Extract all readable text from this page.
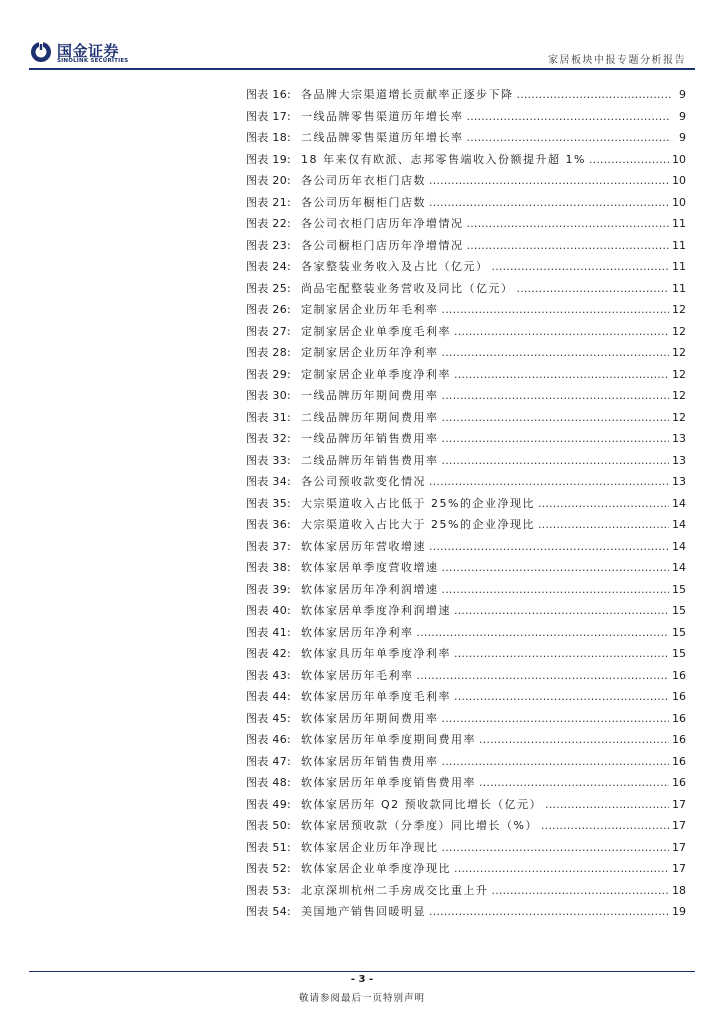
国金证券
SINOLINK SECURITIES	家居板块中报专题分析报告
图表 16: 各品牌大宗渠道增长贡献率正逐步下降 .....	9
图表 17: 一线品牌零售渠道历年增长率 .....	9
图表 18: 二线品牌零售渠道历年增长率 .....	9
图表 19: 18 年来仅有欧派、志邦零售端收入份额提升超 1% .....	10
图表 20: 各公司历年衣柜门店数 .....	10
图表 21: 各公司历年橱柜门店数 .....	10
图表 22: 各公司衣柜门店历年净增情况 .....	11
图表 23: 各公司橱柜门店历年净增情况 .....	11
图表 24: 各家整装业务收入及占比（亿元） .....	11
图表 25: 尚品宅配整装业务营收及同比（亿元） .....	11
图表 26: 定制家居企业历年毛利率 .....	12
图表 27: 定制家居企业单季度毛利率 .....	12
图表 28: 定制家居企业历年净利率 .....	12
图表 29: 定制家居企业单季度净利率 .....	12
图表 30: 一线品牌历年期间费用率 .....	12
图表 31: 二线品牌历年期间费用率 .....	12
图表 32: 一线品牌历年销售费用率 .....	13
图表 33: 二线品牌历年销售费用率 .....	13
图表 34: 各公司预收款变化情况 .....	13
图表 35: 大宗渠道收入占比低于 25%的企业净现比 .....	14
图表 36: 大宗渠道收入占比大于 25%的企业净现比 .....	14
图表 37: 软体家居历年营收增速 .....	14
图表 38: 软体家居单季度营收增速 .....	14
图表 39: 软体家居历年净利润增速 .....	15
图表 40: 软体家居单季度净利润增速 .....	15
图表 41: 软体家居历年净利率 .....	15
图表 42: 软体家具历年单季度净利率 .....	15
图表 43: 软体家居历年毛利率 .....	16
图表 44: 软体家居历年单季度毛利率 .....	16
图表 45: 软体家居历年期间费用率 .....	16
图表 46: 软体家居历年单季度期间费用率 .....	16
图表 47: 软体家居历年销售费用率 .....	16
图表 48: 软体家居历年单季度销售费用率 .....	16
图表 49: 软体家居历年 Q2 预收款同比增长（亿元） .....	17
图表 50: 软体家居预收款（分季度）同比增长（%） .....	17
图表 51: 软体家居企业历年净现比 .....	17
图表 52: 软体家居企业单季度净现比 .....	17
图表 53: 北京深圳杭州二手房成交比重上升 .....	18
图表 54: 美国地产销售回暖明显 .....	19
- 3 -
敬请参阅最后一页特别声明
